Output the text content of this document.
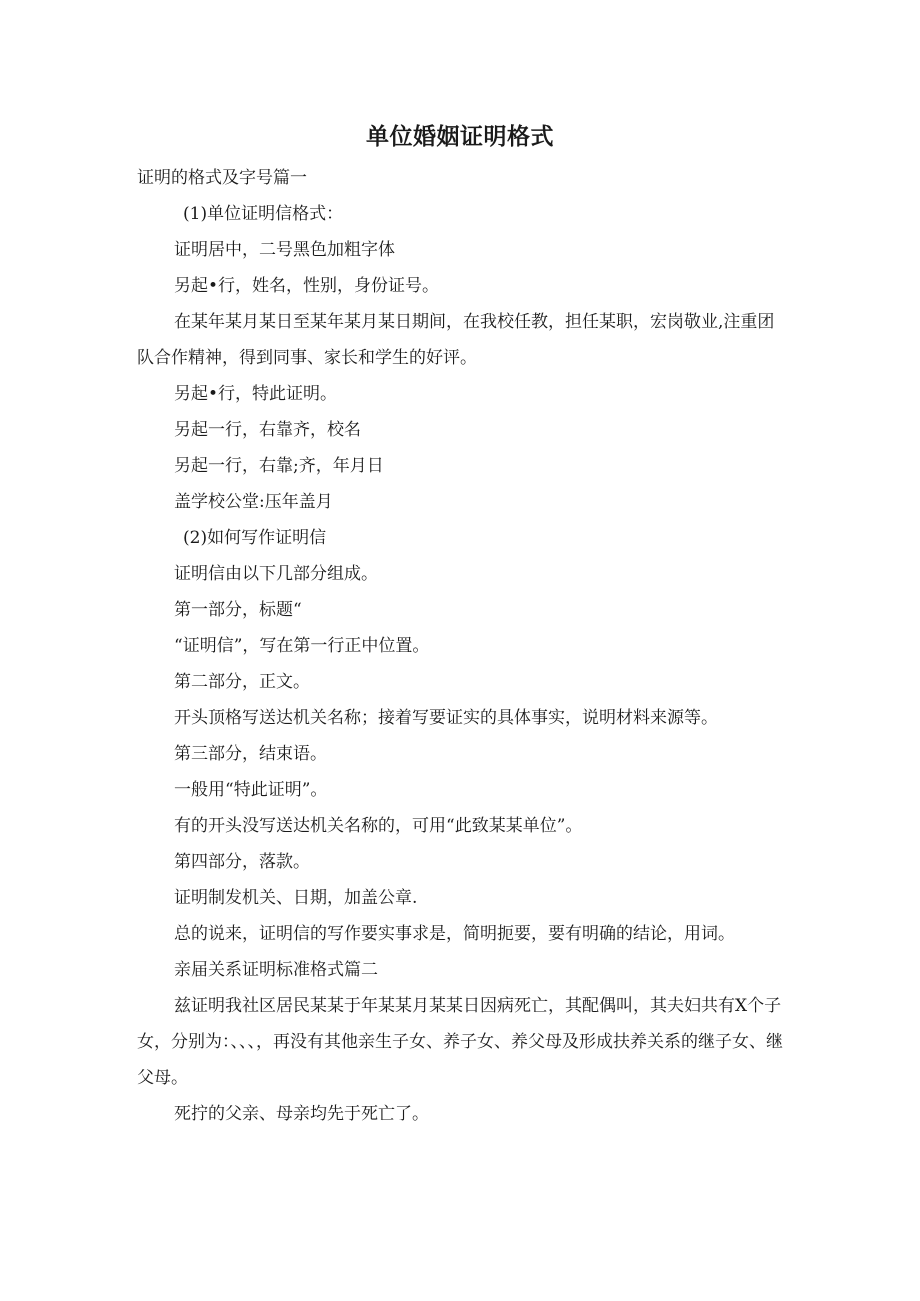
单位婚姻证明格式

证明的格式及字号篇一

(1)单位证明信格式：

证明居中，二号黑色加粗字体

另起•行，姓名，性别，身份证号。

在某年某月某日至某年某月某日期间，在我校任教，担任某职，宏岗敬业,注重团队合作精神，得到同事、家长和学生的好评。

另起•行，特此证明。

另起一行，右靠齐，校名

另起一行，右靠;齐，年月日

盖学校公堂:压年盖月

(2)如何写作证明信

证明信由以下几部分组成。

第一部分，标题“

“证明信”，写在第一行正中位置。

第二部分，正文。

开头顶格写送达机关名称；接着写要证实的具体事实，说明材料来源等。

第三部分，结束语。

一般用“特此证明”。

有的开头没写送达机关名称的，可用“此致某某单位”。

第四部分，落款。

证明制发机关、日期，加盖公章.

总的说来，证明信的写作要实事求是，简明扼要，要有明确的结论，用词。

亲届关系证明标准格式篇二

兹证明我社区居民某某于年某某月某某日因病死亡，其配偶叫，其夫妇共有X个子女，分别为：、、、，再没有其他亲生子女、养子女、养父母及形成扶养关系的继子女、继父母。

死拧的父亲、母亲均先于死亡了。
